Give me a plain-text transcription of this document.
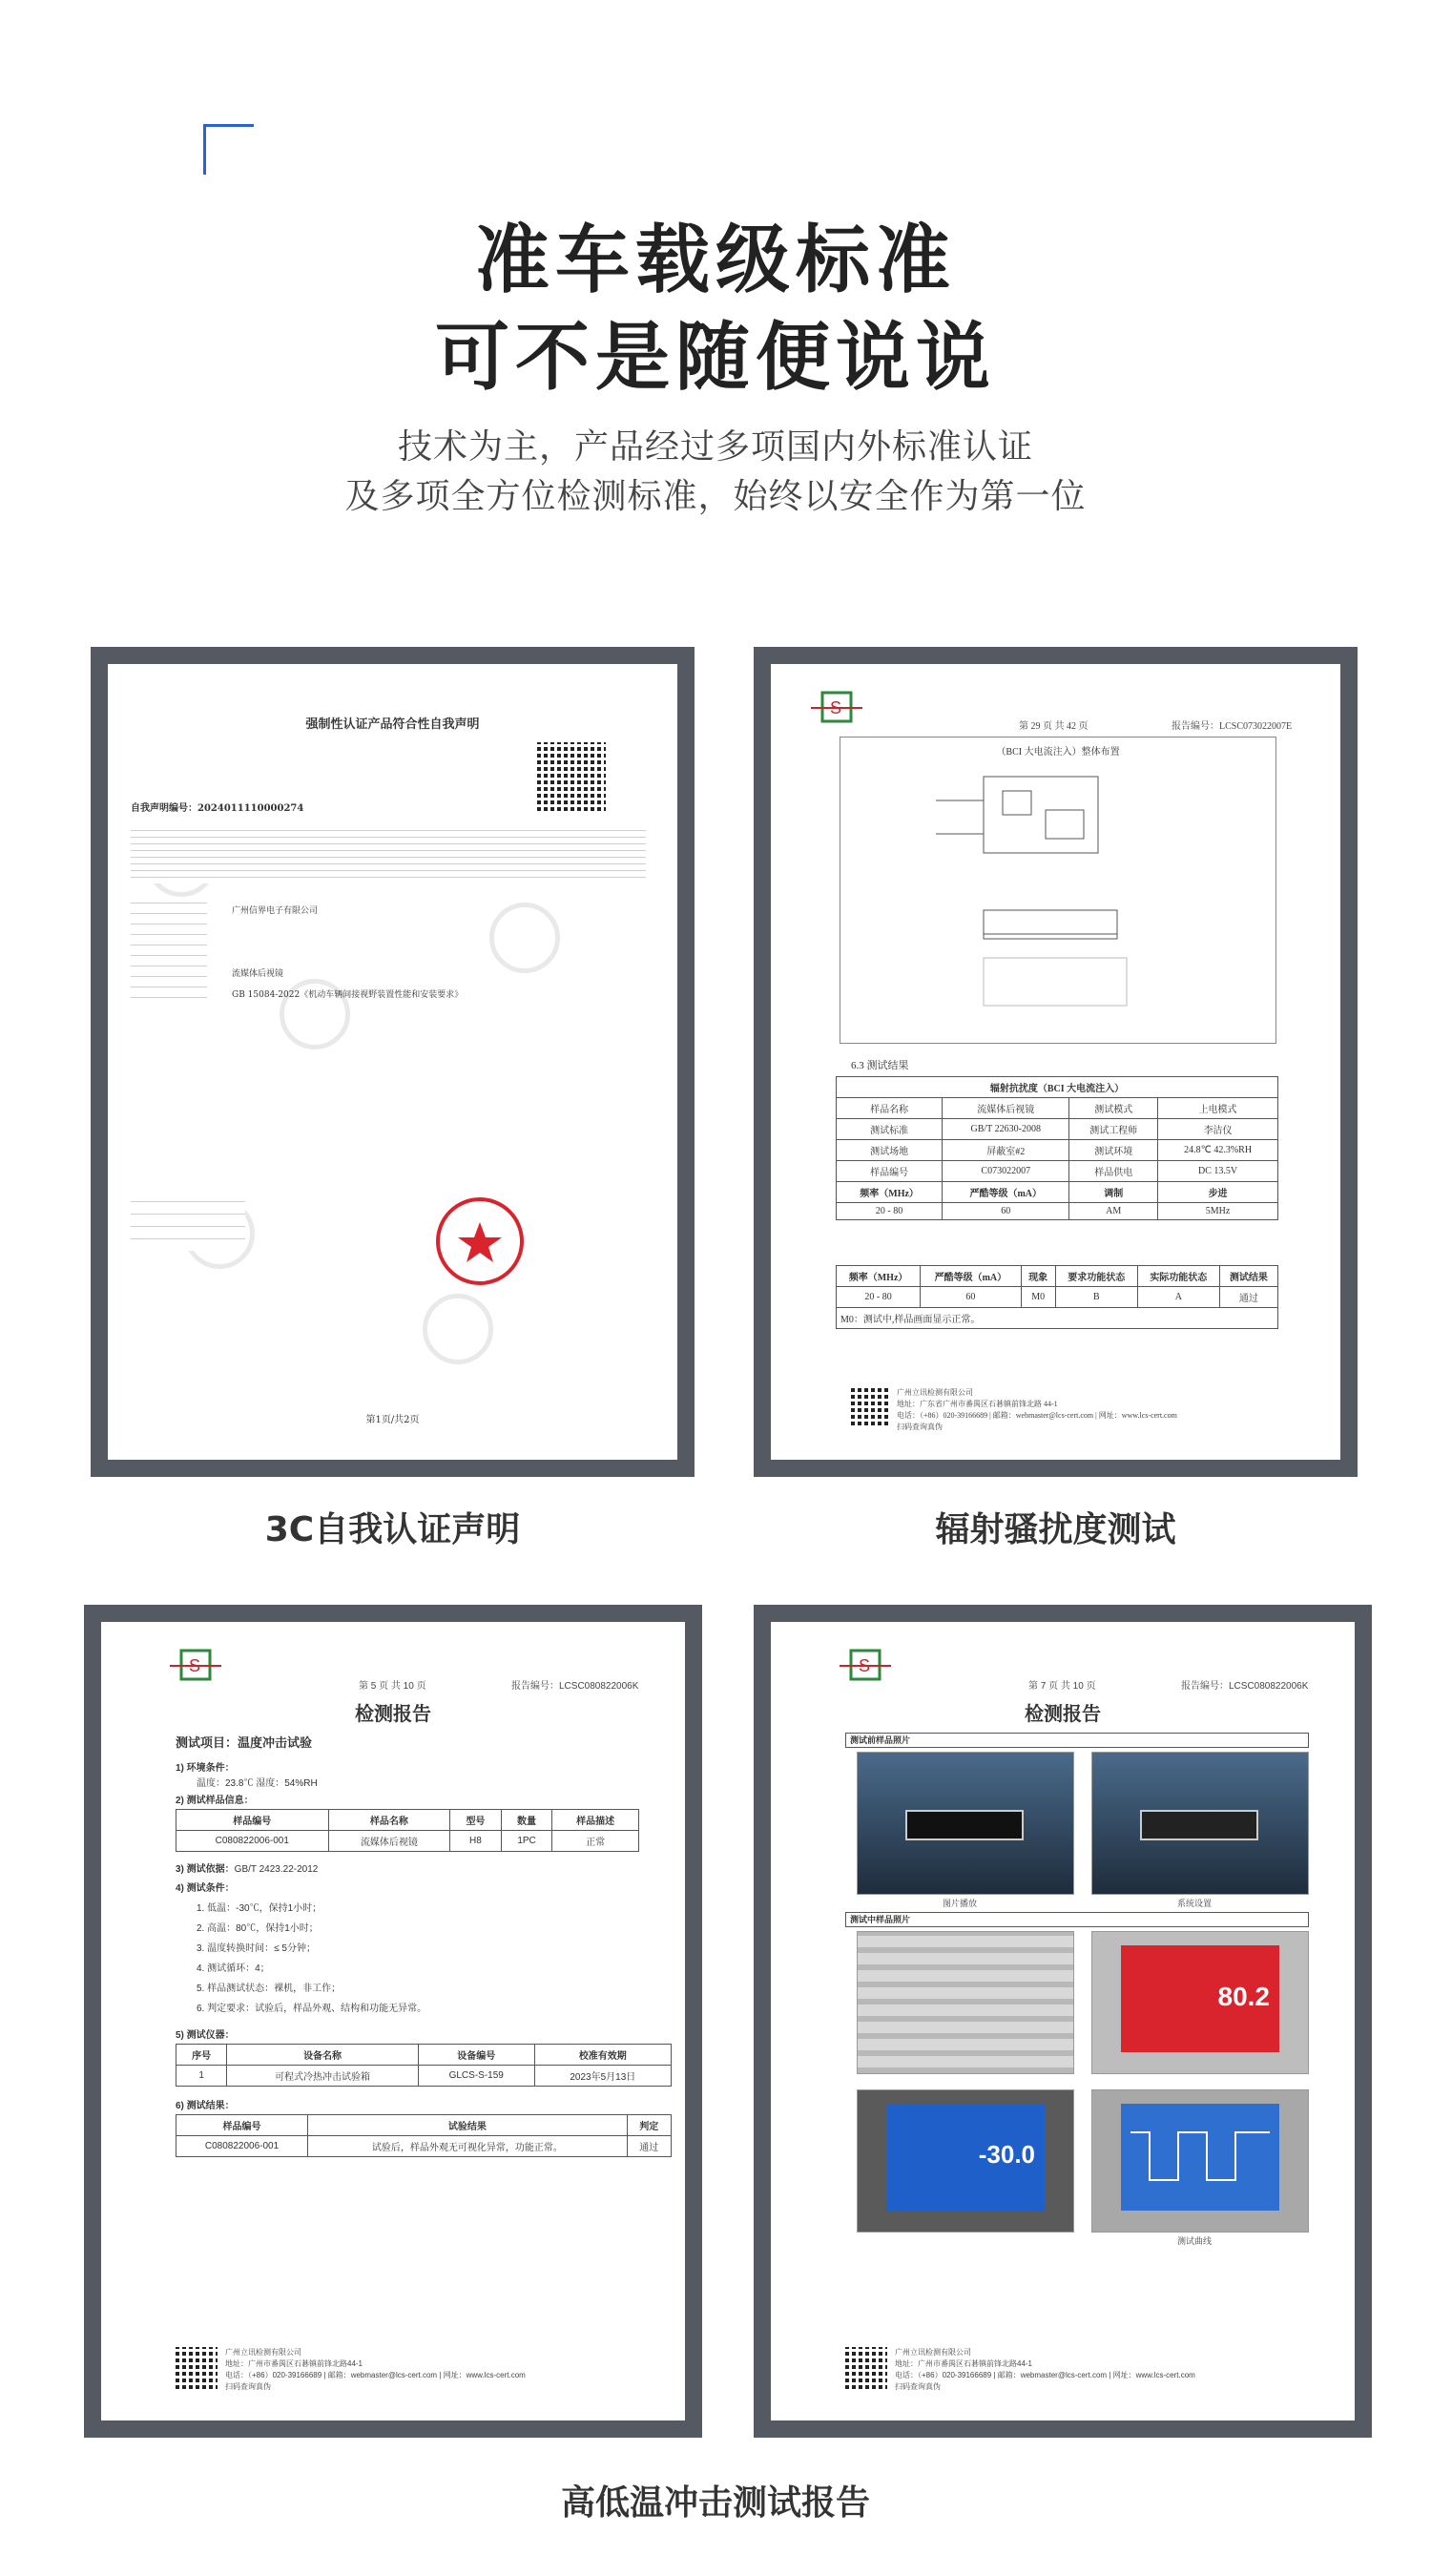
准车载级标准
可不是随便说说
技术为主，产品经过多项国内外标准认证
及多项全方位检测标准，始终以安全作为第一位
强制性认证产品符合性自我声明
自我声明编号：2024011110000274
广州信界电子有限公司
流媒体后视镜
GB 15084-2022《机动车辆间接视野装置性能和安装要求》
第1页/共2页
S
第 29 页 共 42 页	报告编号：LCSC073022007E
（BCI 大电流注入）整体布置
6.3 测试结果
辐射抗扰度（BCI 大电流注入）			
样品名称	流媒体后视镜	测试模式	上电模式
测试标准	GB/T 22630-2008	测试工程师	李洁仪
测试场地	屏蔽室#2	测试环境	24.8℃ 42.3%RH
样品编号	C073022007	样品供电	DC 13.5V
频率（MHz）	严酷等级（mA）	调制	步进
20 - 80	60	AM	5MHz
频率（MHz）	严酷等级（mA）	现象	要求功能状态	实际功能状态	测试结果
20 - 80	60	M0	B	A	通过
M0：测试中,样品画面显示正常。					
广州立讯检测有限公司
地址：广东省广州市番禺区石碁镇前锋北路 44-1
电话：（+86）020-39166689 | 邮箱：webmaster@lcs-cert.com | 网址：www.lcs-cert.com
扫码查询真伪
3C自我认证声明	辐射骚扰度测试
S
第 5 页 共 10 页	报告编号：LCSC080822006K
检测报告
测试项目：温度冲击试验
1) 环境条件：
温度：23.8℃ 湿度：54%RH
2) 测试样品信息：
样品编号	样品名称	型号	数量	样品描述
C080822006-001	流媒体后视镜	H8	1PC	正常
3) 测试依据：GB/T 2423.22-2012
4) 测试条件：
1. 低温：-30℃，保持1小时；
2. 高温：80℃，保持1小时；
3. 温度转换时间：≤ 5分钟；
4. 测试循环：4；
5. 样品测试状态：裸机，非工作；
6. 判定要求：试验后，样品外观、结构和功能无异常。
5) 测试仪器：
序号	设备名称	设备编号	校准有效期
1	可程式冷热冲击试验箱	GLCS-S-159	2023年5月13日
6) 测试结果：
样品编号	试验结果	判定
C080822006-001	试验后，样品外观无可视化异常，功能正常。	通过
广州立讯检测有限公司
地址：广州市番禺区石碁镇前锋北路44-1
电话：（+86）020-39166689 | 邮箱：webmaster@lcs-cert.com | 网址：www.lcs-cert.com
扫码查询真伪
S
第 7 页 共 10 页	报告编号：LCSC080822006K
检测报告
测试前样品照片
图片播放	系统设置
测试中样品照片
80.2
-30.0
测试曲线
广州立讯检测有限公司
地址：广州市番禺区石碁镇前锋北路44-1
电话：（+86）020-39166689 | 邮箱：webmaster@lcs-cert.com | 网址：www.lcs-cert.com
扫码查询真伪
高低温冲击测试报告
